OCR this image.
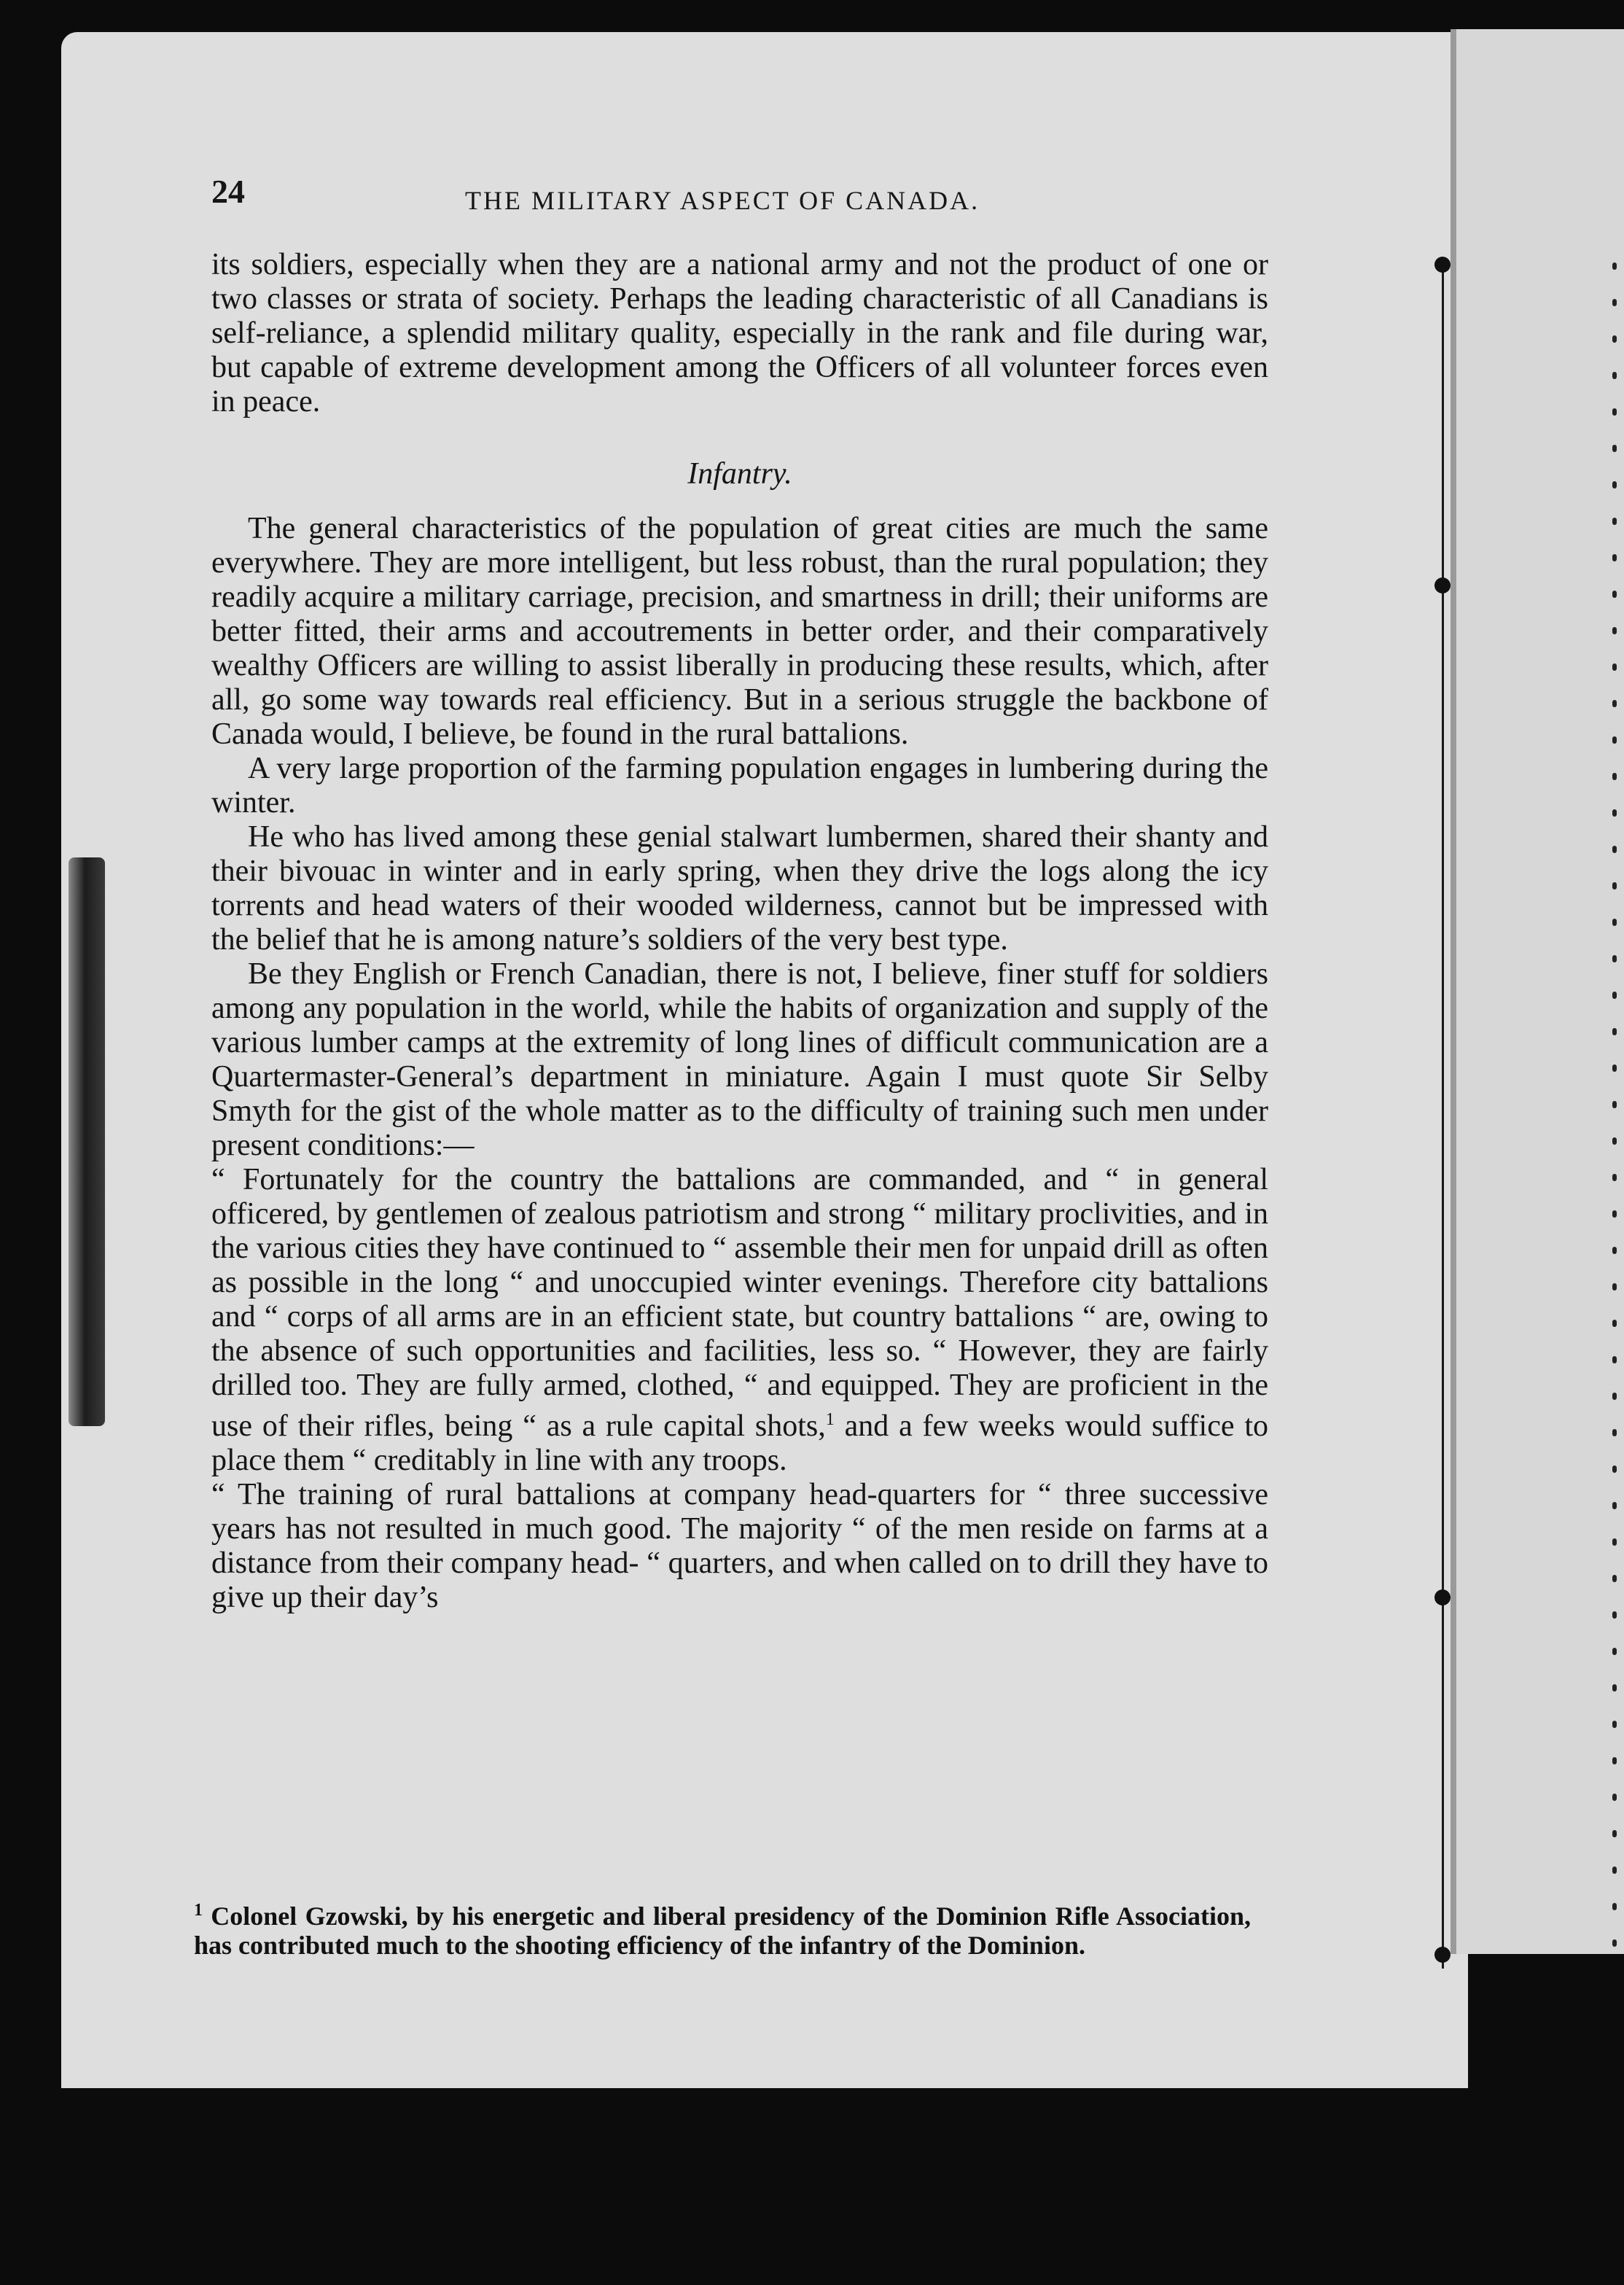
24	THE MILITARY ASPECT OF CANADA.

its soldiers, especially when they are a national army and not the product of one or two classes or strata of society. Perhaps the leading characteristic of all Canadians is self-reliance, a splendid military quality, especially in the rank and file during war, but capable of extreme development among the Officers of all volunteer forces even in peace.

Infantry.

The general characteristics of the population of great cities are much the same everywhere. They are more intelligent, but less robust, than the rural population; they readily acquire a military carriage, precision, and smartness in drill; their uniforms are better fitted, their arms and accoutrements in better order, and their comparatively wealthy Officers are willing to assist liberally in producing these results, which, after all, go some way towards real efficiency. But in a serious struggle the backbone of Canada would, I believe, be found in the rural battalions.

A very large proportion of the farming population engages in lumbering during the winter.

He who has lived among these genial stalwart lumbermen, shared their shanty and their bivouac in winter and in early spring, when they drive the logs along the icy torrents and head waters of their wooded wilderness, cannot but be impressed with the belief that he is among nature’s soldiers of the very best type.

Be they English or French Canadian, there is not, I believe, finer stuff for soldiers among any population in the world, while the habits of organization and supply of the various lumber camps at the extremity of long lines of difficult communication are a Quartermaster-General’s department in miniature. Again I must quote Sir Selby Smyth for the gist of the whole matter as to the difficulty of training such men under present conditions:—

“ Fortunately for the country the battalions are commanded, and “ in general officered, by gentlemen of zealous patriotism and strong “ military proclivities, and in the various cities they have continued to “ assemble their men for unpaid drill as often as possible in the long “ and unoccupied winter evenings. Therefore city battalions and “ corps of all arms are in an efficient state, but country battalions “ are, owing to the absence of such opportunities and facilities, less so. “ However, they are fairly drilled too. They are fully armed, clothed, “ and equipped. They are proficient in the use of their rifles, being “ as a rule capital shots,$^1$ and a few weeks would suffice to place them “ creditably in line with any troops.

“ The training of rural battalions at company head-quarters for “ three successive years has not resulted in much good. The majority “ of the men reside on farms at a distance from their company head- “ quarters, and when called on to drill they have to give up their day’s

$^1$ Colonel Gzowski, by his energetic and liberal presidency of the Dominion Rifle Association, has contributed much to the shooting efficiency of the infantry of the Dominion.
